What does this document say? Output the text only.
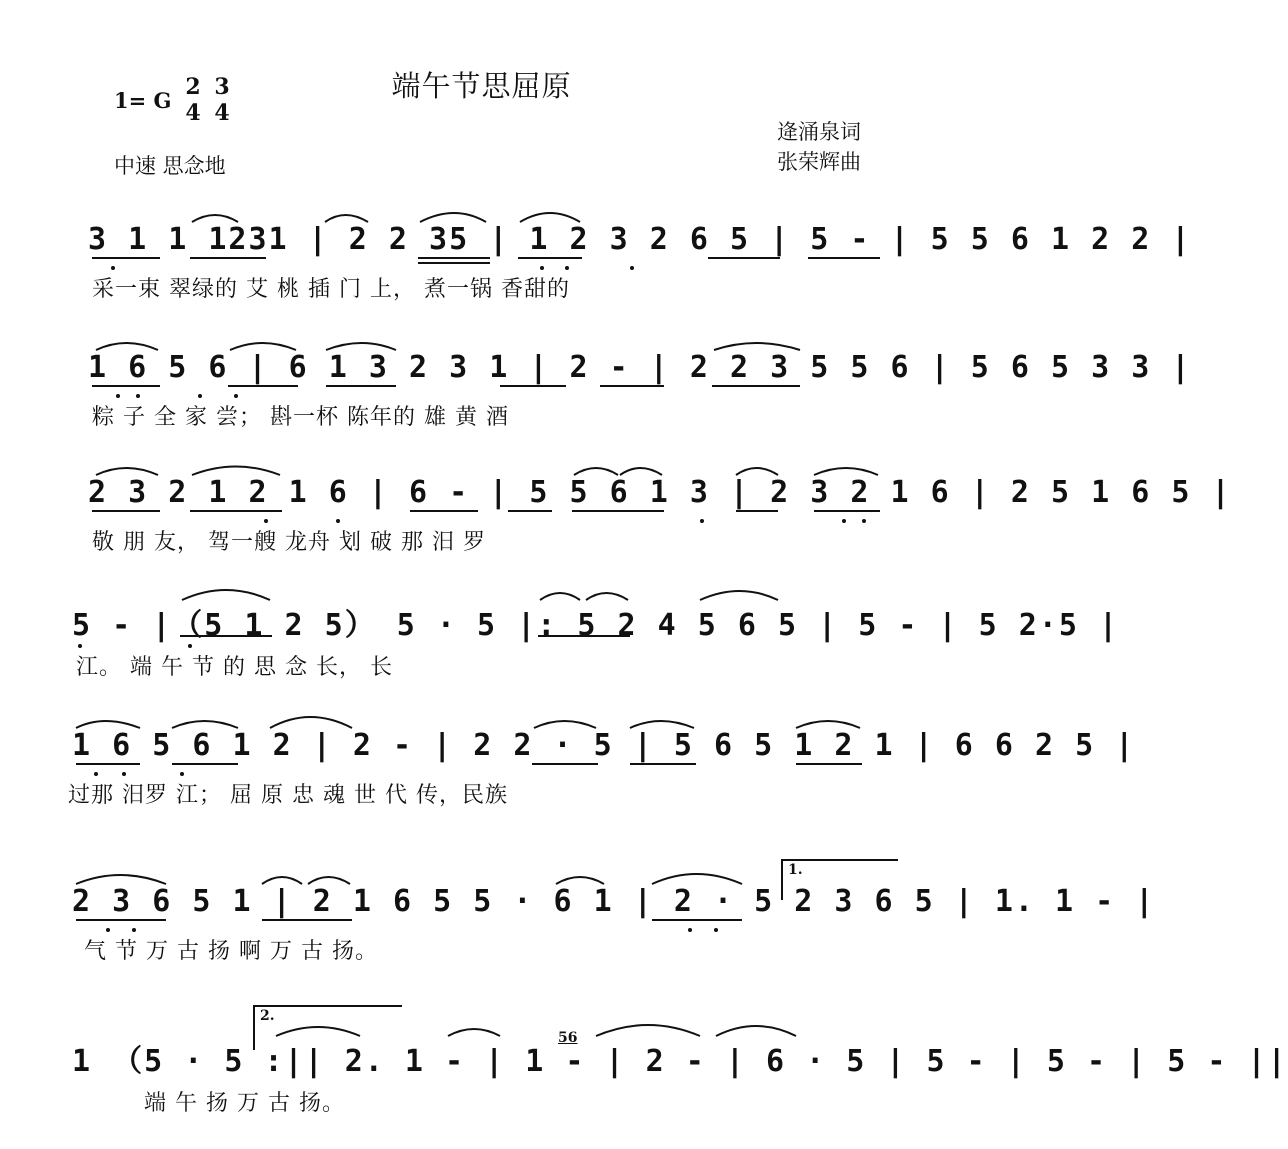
端午节思屈原
1= G
2
4
3
4
中速 思念地
逄涌泉词
张荣辉曲
3 1 1 1231 | 2 2 35 | 1 2 3 2 6 5 | 5 - | 5 5 6 1 2 2 |
采一束 翠绿的 艾 桃 插 门 上， 煮一锅 香甜的
1 6 5 6 | 6 1 3 2 3 1 | 2 - | 2 2 3 5 5 6 | 5 6 5 3 3 |
粽 子 全 家 尝； 斟一杯 陈年的 雄 黄 酒
2 3 2 1 2 1 6 | 6 - | 5 5 6 1 3 | 2 3 2 1 6 | 2 5 1 6 5 |
敬 朋 友， 驾一艘 龙舟 划 破 那 汨 罗
5 - |（5 1 2 5） 5 · 5 |: 5 2 4 5 6 5 | 5 - | 5 2·5 |
江。 端 午 节 的 思 念 长， 长
1 6 5 6 1 2 | 2 - | 2 2 · 5 | 5 6 5 1 2 1 | 6 6 2 5 |
过那 汨罗 江； 屈 原 忠 魂 世 代 传，民族
2 3 6 5 1 | 2 1 6 5 5 · 6 1 | 2 · 5 2 3 6 5 | 1. 1 - |
气 节 万 古 扬 啊 万 古 扬。
1 （5 · 5 :|| 2. 1 - | 1 - | 2 - | 6 · 5 | 5 - | 5 - | 5 - ||
端 午 扬 万 古 扬。
56
1.
2.
